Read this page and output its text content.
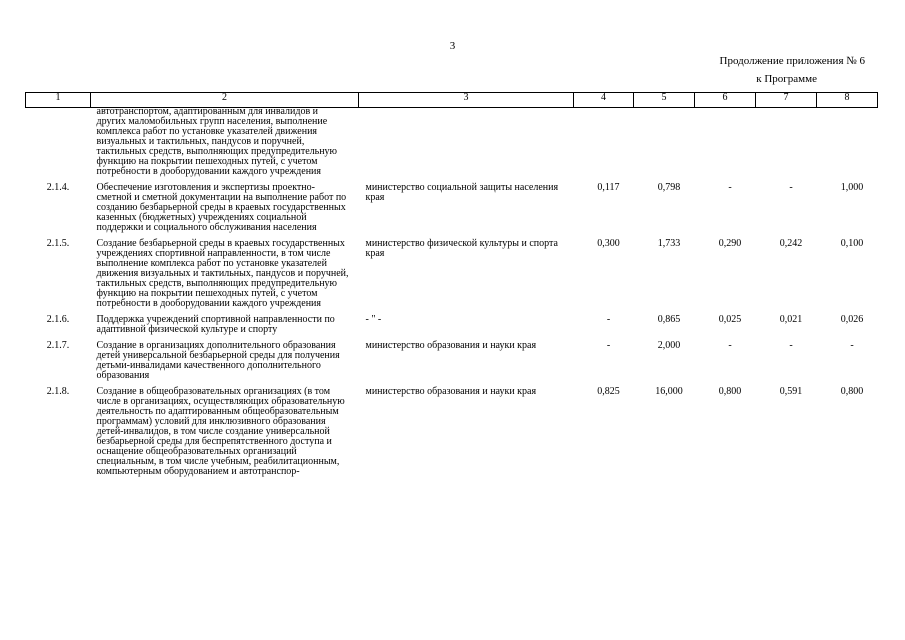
3
Продолжение приложения № 6
к Программе
1	2	3	4	5	6	7	8

	автотранспортом, адаптированным для инвалидов и других маломобильных групп населения, выполнение комплекса работ по установке указателей движения визуальных и тактильных, пандусов и поручней, тактильных средств, выполняющих предупредительную функцию на покрытии пешеходных путей, с учетом потребности в дооборудовании каждого учреждения						

2.1.4.	Обеспечение изготовления и экспертизы проектно-сметной и сметной документации на выполнение работ по созданию безбарьерной среды в краевых государственных казенных (бюджетных) учреждениях социальной поддержки и социального обслуживания населения	министерство социальной защиты населения края	0,117	0,798	-	-	1,000
2.1.5.	Создание безбарьерной среды в краевых государственных учреждениях спортивной направленности, в том числе выполнение комплекса работ по установке указателей движения визуальных и тактильных, пандусов и поручней, тактильных средств, выполняющих предупредительную функцию на покрытии пешеходных путей, с учетом потребности в дооборудовании каждого учреждения	министерство физической культуры и спорта края	0,300	1,733	0,290	0,242	0,100
2.1.6.	Поддержка учреждений спортивной направленности по адаптивной физической культуре и спорту	- " -	-	0,865	0,025	0,021	0,026
2.1.7.	Создание в организациях дополнительного образования детей универсальной безбарьерной среды для получения детьми-инвалидами качественного дополнительного образования	министерство образования и науки края	-	2,000	-	-	-
2.1.8.	Создание в общеобразовательных организациях (в том числе в организациях, осуществляющих образовательную деятельность по адаптированным общеобразовательным программам) условий для инклюзивного образования детей-инвалидов, в том числе создание универсальной безбарьерной среды для беспрепятственного доступа и оснащение общеобразовательных организаций специальным, в том числе учебным, реабилитационным, компьютерным оборудованием и автотранспор-	министерство образования и науки края	0,825	16,000	0,800	0,591	0,800
